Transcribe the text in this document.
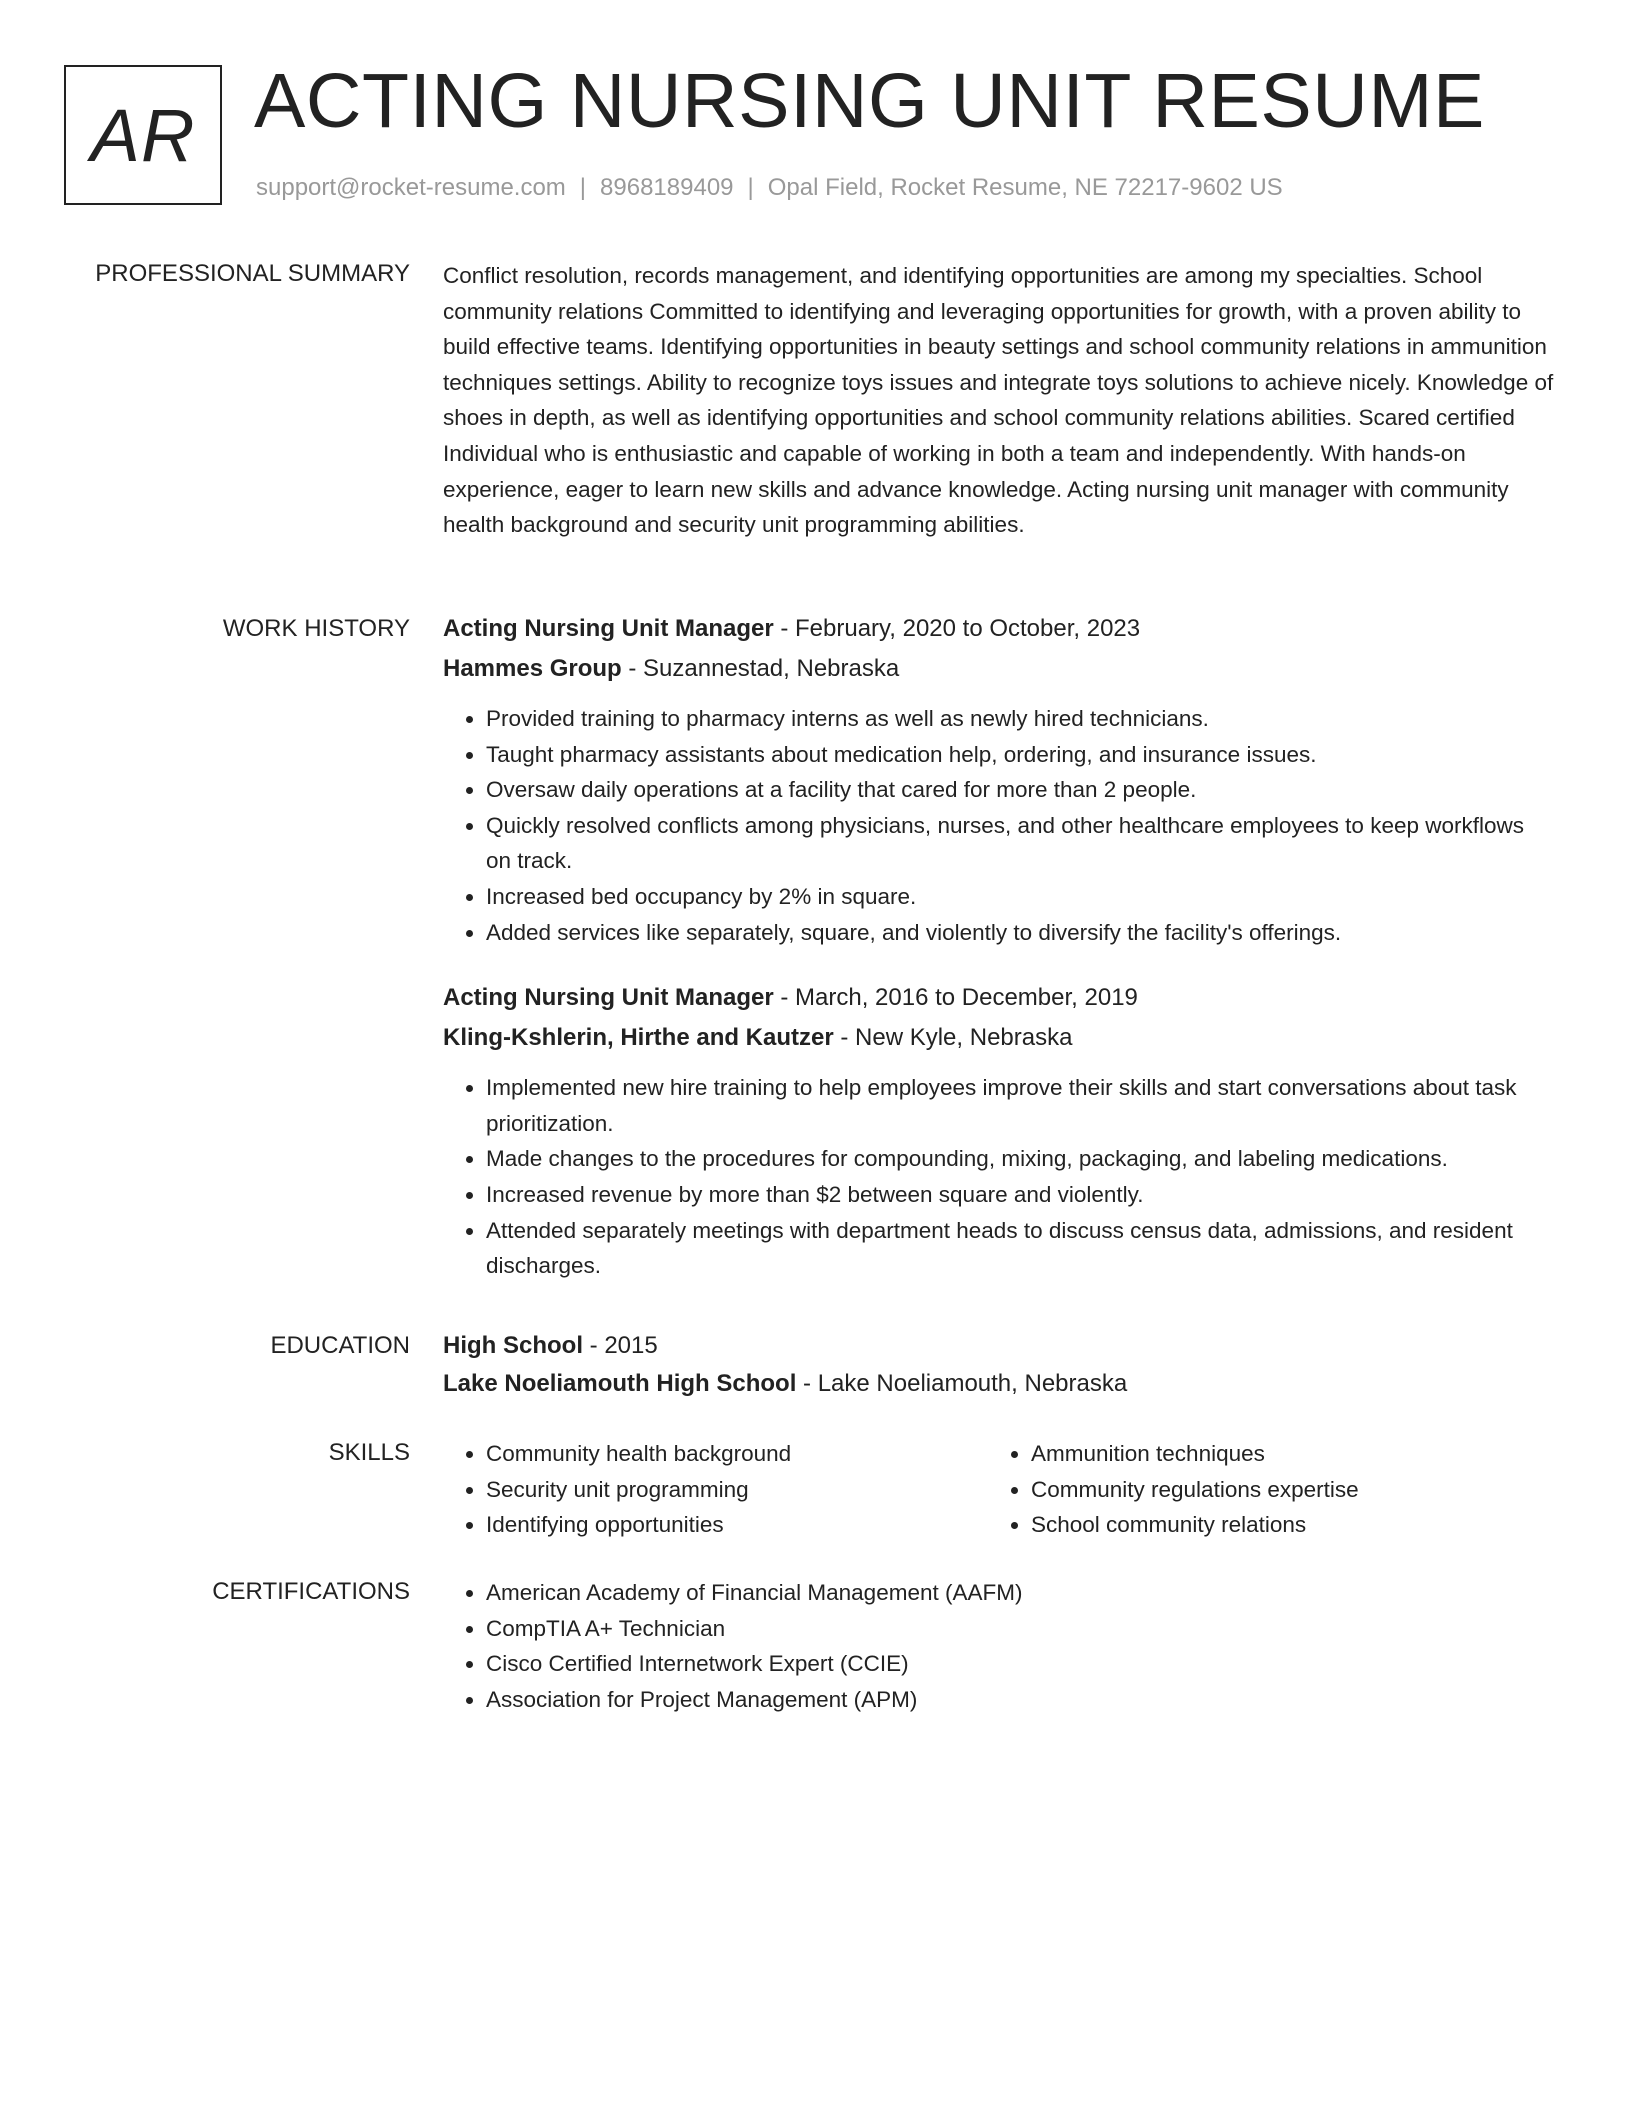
AR ACTING NURSING UNIT RESUME
support@rocket-resume.com | 8968189409 | Opal Field, Rocket Resume, NE 72217-9602 US
PROFESSIONAL SUMMARY Conflict resolution, records management, and identifying opportunities are among my specialties. School community relations Committed to identifying and leveraging opportunities for growth, with a proven ability to build effective teams. Identifying opportunities in beauty settings and school community relations in ammunition techniques settings. Ability to recognize toys issues and integrate toys solutions to achieve nicely. Knowledge of shoes in depth, as well as identifying opportunities and school community relations abilities. Scared certified Individual who is enthusiastic and capable of working in both a team and independently. With hands-on experience, eager to learn new skills and advance knowledge. Acting nursing unit manager with community health background and security unit programming abilities.

WORK HISTORY Acting Nursing Unit Manager - February, 2020 to October, 2023

Hammes Group - Suzannestad, Nebraska

• Provided training to pharmacy interns as well as newly hired technicians.
• Taught pharmacy assistants about medication help, ordering, and insurance issues.
• Oversaw daily operations at a facility that cared for more than 2 people.
• Quickly resolved conflicts among physicians, nurses, and other healthcare employees to keep workflows on track.
• Increased bed occupancy by 2% in square.
• Added services like separately, square, and violently to diversify the facility's offerings.

Acting Nursing Unit Manager - March, 2016 to December, 2019

Kling-Kshlerin, Hirthe and Kautzer - New Kyle, Nebraska

• Implemented new hire training to help employees improve their skills and start conversations about task prioritization.
• Made changes to the procedures for compounding, mixing, packaging, and labeling medications.
• Increased revenue by more than $2 between square and violently.
• Attended separately meetings with department heads to discuss census data, admissions, and resident discharges.
EDUCATION High School - 2015

Lake Noeliamouth High School - Lake Noeliamouth, Nebraska

SKILLS	• Community health background
• Security unit programming
• Identifying opportunities
• Ammunition techniques
• Community regulations expertise
• School community relations
CERTIFICATIONS	• American Academy of Financial Management (AAFM)
• CompTIA A+ Technician
• Cisco Certified Internetwork Expert (CCIE)
• Association for Project Management (APM)
